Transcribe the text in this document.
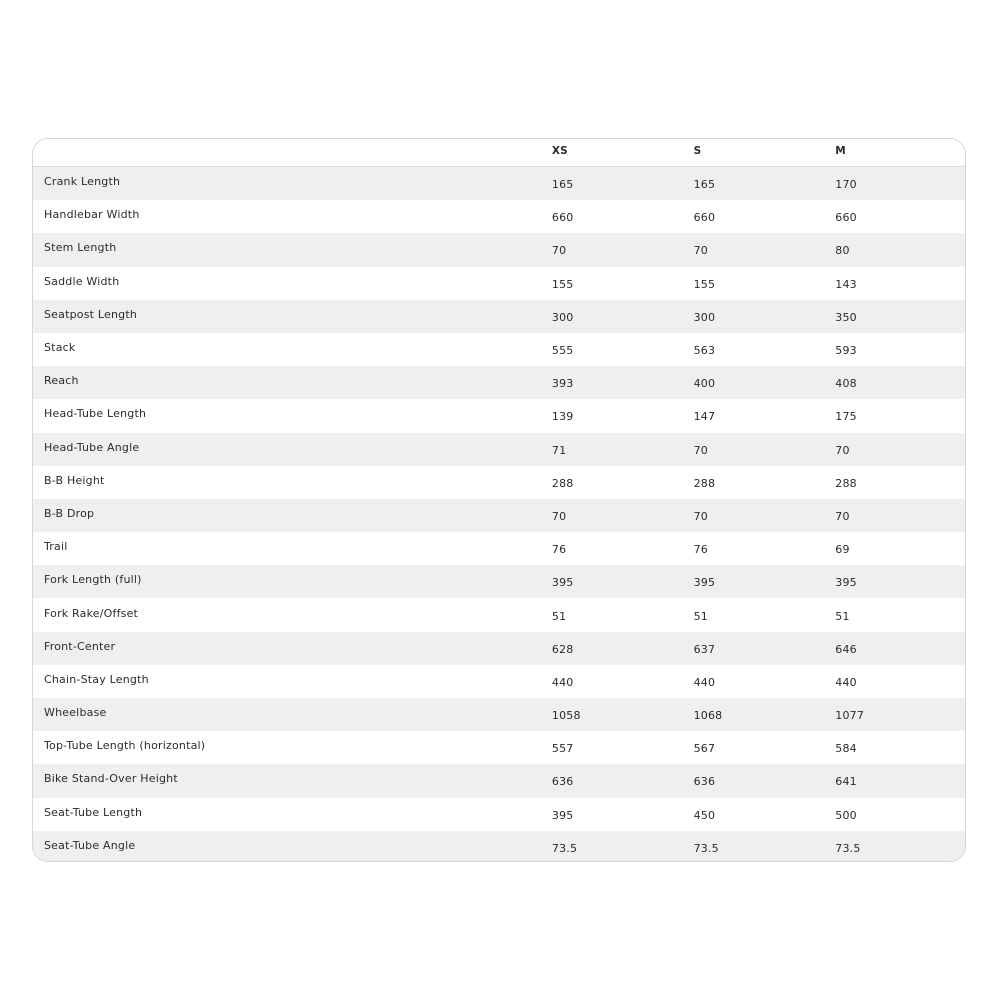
XS	S	M
Crank Length	165	165	170
Handlebar Width	660	660	660
Stem Length	70	70	80
Saddle Width	155	155	143
Seatpost Length	300	300	350
Stack	555	563	593
Reach	393	400	408
Head-Tube Length	139	147	175
Head-Tube Angle	71	70	70
B-B Height	288	288	288
B-B Drop	70	70	70
Trail	76	76	69
Fork Length (full)	395	395	395
Fork Rake/Offset	51	51	51
Front-Center	628	637	646
Chain-Stay Length	440	440	440
Wheelbase	1058	1068	1077
Top-Tube Length (horizontal)	557	567	584
Bike Stand-Over Height	636	636	641
Seat-Tube Length	395	450	500
Seat-Tube Angle	73.5	73.5	73.5
